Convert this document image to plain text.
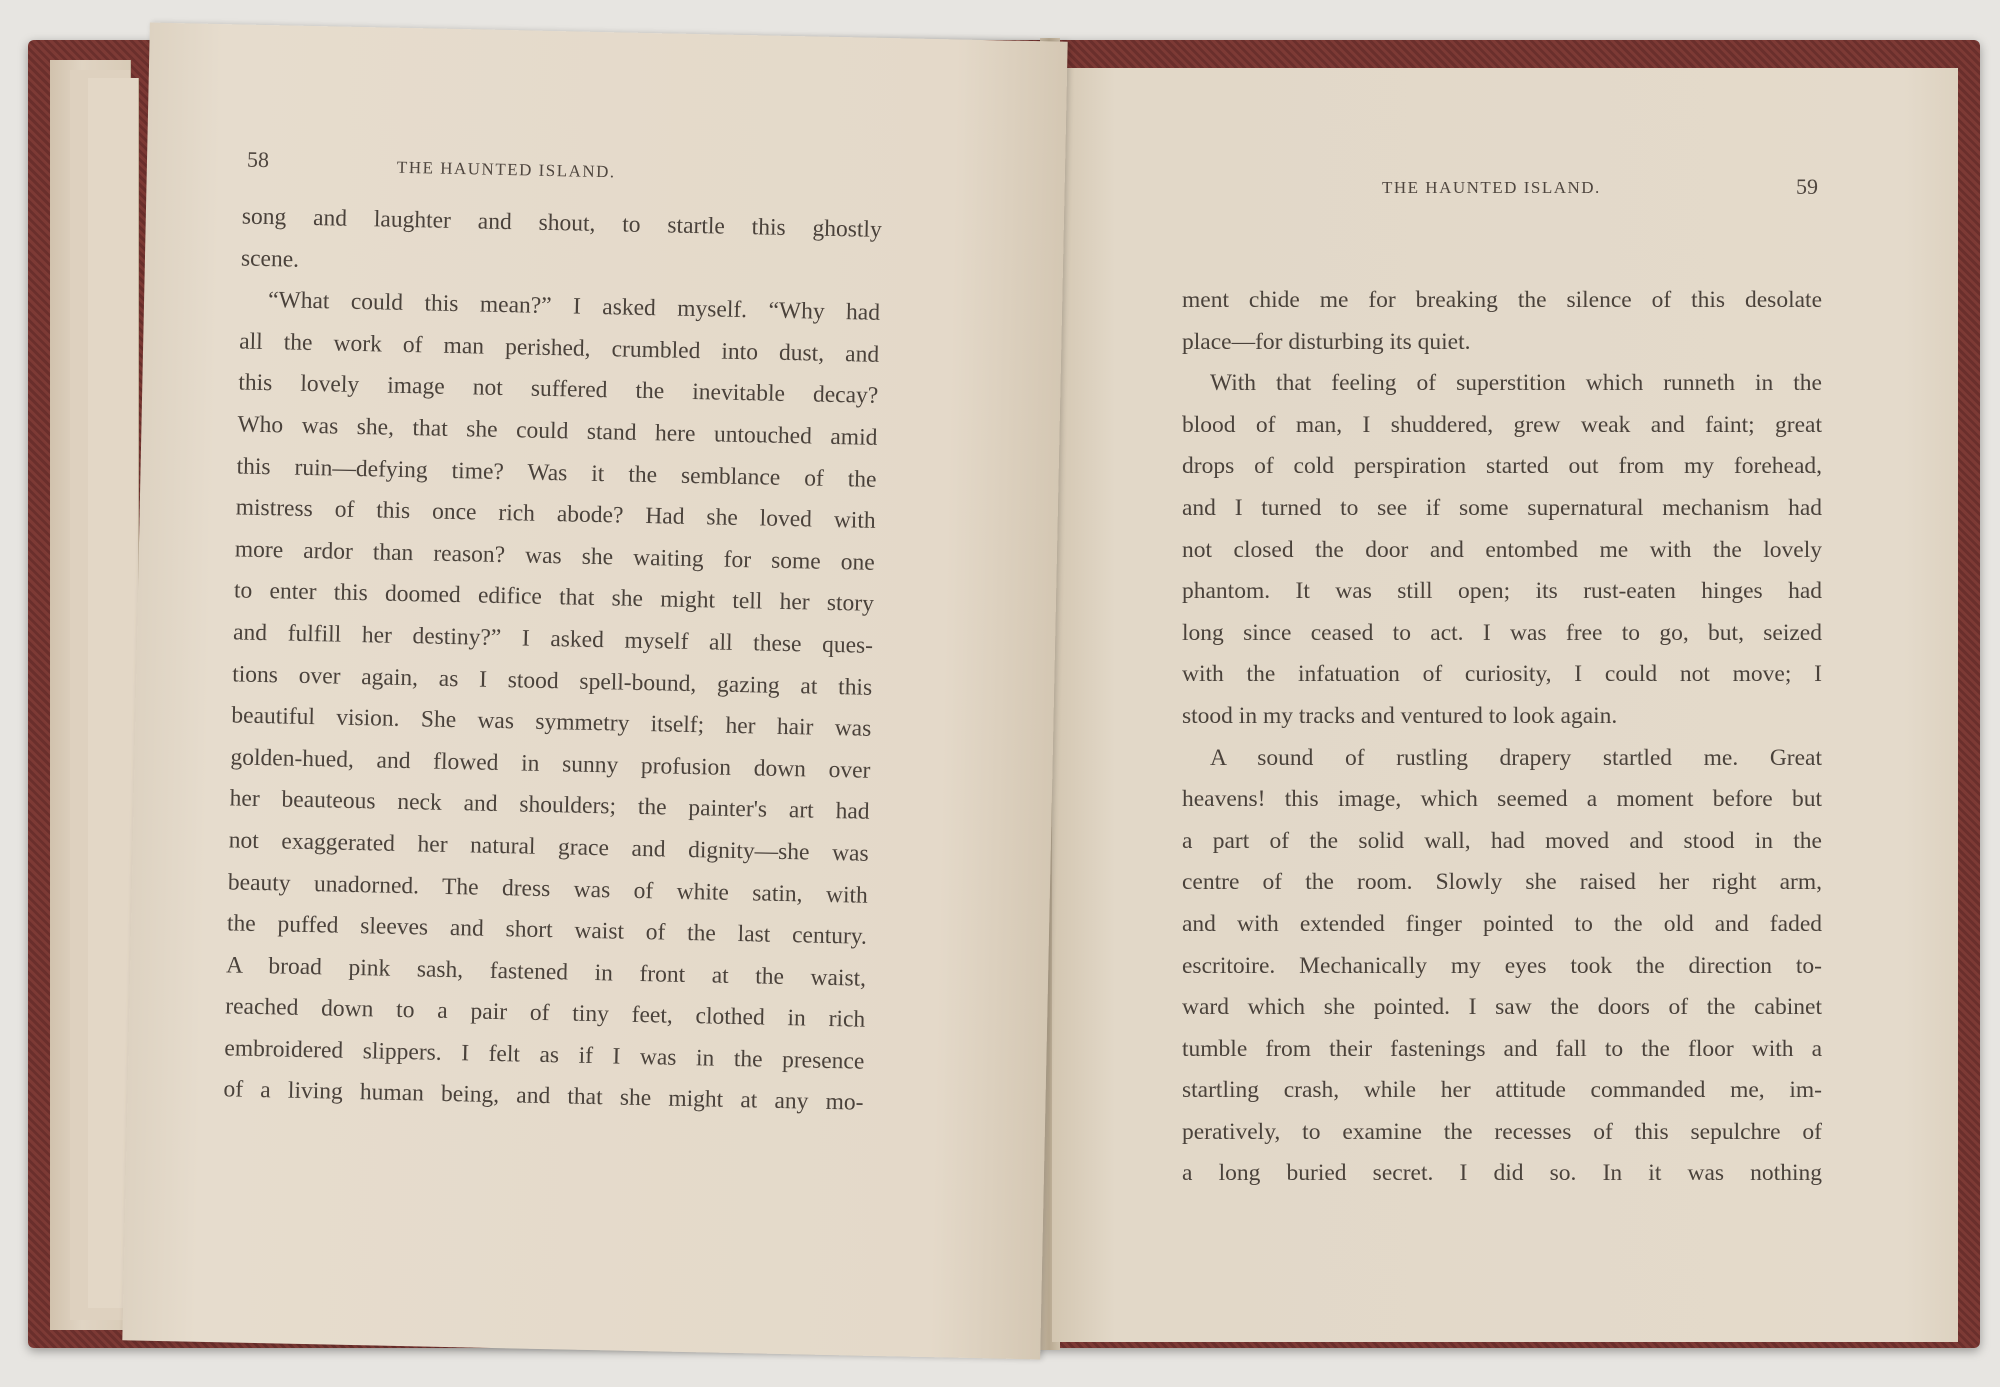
THE HAUNTED ISLAND.	59
ment chide me for breaking the silence of this desolate
place—for disturbing its quiet.
With that feeling of superstition which runneth in the
blood of man, I shuddered, grew weak and faint; great
drops of cold perspiration started out from my forehead,
and I turned to see if some supernatural mechanism had
not closed the door and entombed me with the lovely
phantom. It was still open; its rust-eaten hinges had
long since ceased to act. I was free to go, but, seized
with the infatuation of curiosity, I could not move; I
stood in my tracks and ventured to look again.
A sound of rustling drapery startled me. Great
heavens! this image, which seemed a moment before but
a part of the solid wall, had moved and stood in the
centre of the room. Slowly she raised her right arm,
and with extended finger pointed to the old and faded
escritoire. Mechanically my eyes took the direction to-
ward which she pointed. I saw the doors of the cabinet
tumble from their fastenings and fall to the floor with a
startling crash, while her attitude commanded me, im-
peratively, to examine the recesses of this sepulchre of
a long buried secret. I did so. In it was nothing
58	THE HAUNTED ISLAND.
song and laughter and shout, to startle this ghostly
scene.
“What could this mean?” I asked myself. “Why had
all the work of man perished, crumbled into dust, and
this lovely image not suffered the inevitable decay?
Who was she, that she could stand here untouched amid
this ruin—defying time? Was it the semblance of the
mistress of this once rich abode? Had she loved with
more ardor than reason? was she waiting for some one
to enter this doomed edifice that she might tell her story
and fulfill her destiny?” I asked myself all these ques-
tions over again, as I stood spell-bound, gazing at this
beautiful vision. She was symmetry itself; her hair was
golden-hued, and flowed in sunny profusion down over
her beauteous neck and shoulders; the painter's art had
not exaggerated her natural grace and dignity—she was
beauty unadorned. The dress was of white satin, with
the puffed sleeves and short waist of the last century.
A broad pink sash, fastened in front at the waist,
reached down to a pair of tiny feet, clothed in rich
embroidered slippers. I felt as if I was in the presence
of a living human being, and that she might at any mo-
